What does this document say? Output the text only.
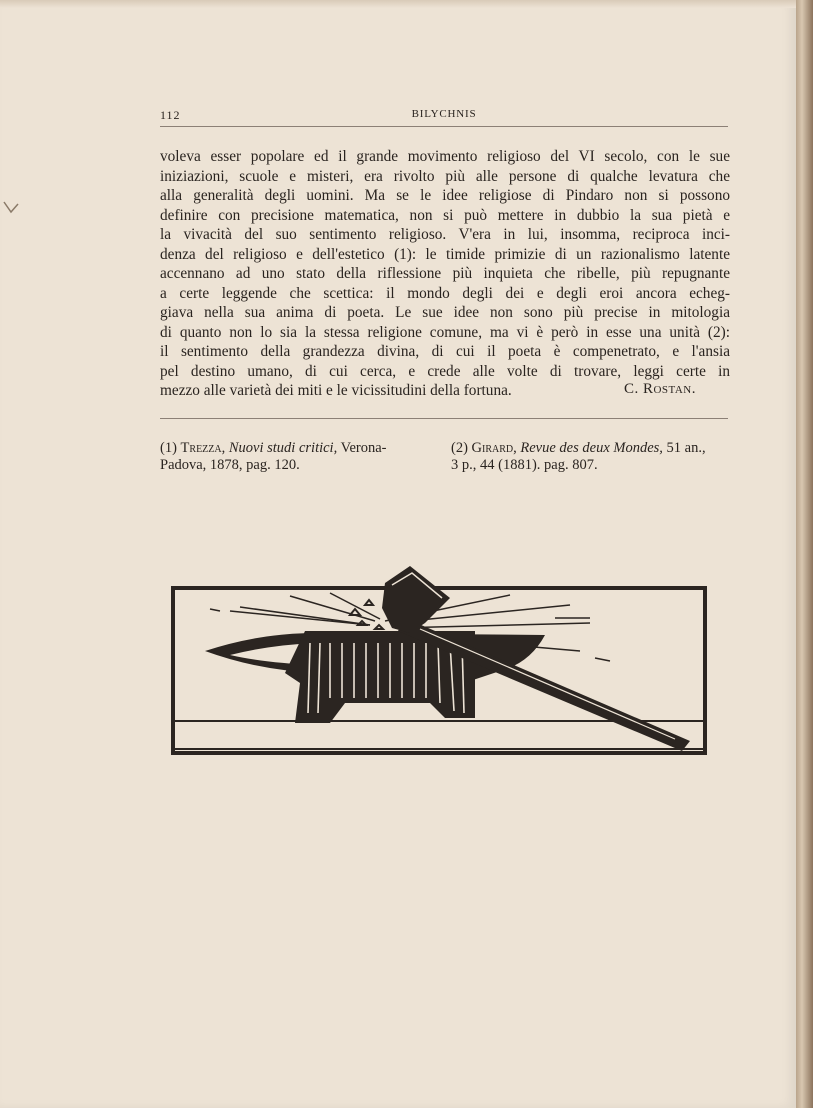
112	BILYCHNIS

voleva esser popolare ed il grande movimento religioso del VI secolo, con le sue
iniziazioni, scuole e misteri, era rivolto più alle persone di qualche levatura che
alla generalità degli uomini. Ma se le idee religiose di Pindaro non si possono
definire con precisione matematica, non si può mettere in dubbio la sua pietà e
la vivacità del suo sentimento religioso. V'era in lui, insomma, reciproca inci-
denza del religioso e dell'estetico (1): le timide primizie di un razionalismo latente
accennano ad uno stato della riflessione più inquieta che ribelle, più repugnante
a certe leggende che scettica: il mondo degli dei e degli eroi ancora echeg-
giava nella sua anima di poeta. Le sue idee non sono più precise in mitologia
di quanto non lo sia la stessa religione comune, ma vi è però in esse una unità (2):
il sentimento della grandezza divina, di cui il poeta è compenetrato, e l'ansia
pel destino umano, di cui cerca, e crede alle volte di trovare, leggi certe in
mezzo alle varietà dei miti e le vicissitudini della fortuna.	C. Rostan.

(1) Trezza, Nuovi studi critici, Verona-
Padova, 1878, pag. 120.

(2) Girard, Revue des deux Mondes, 51 an.,
3 p., 44 (1881). pag. 807.
